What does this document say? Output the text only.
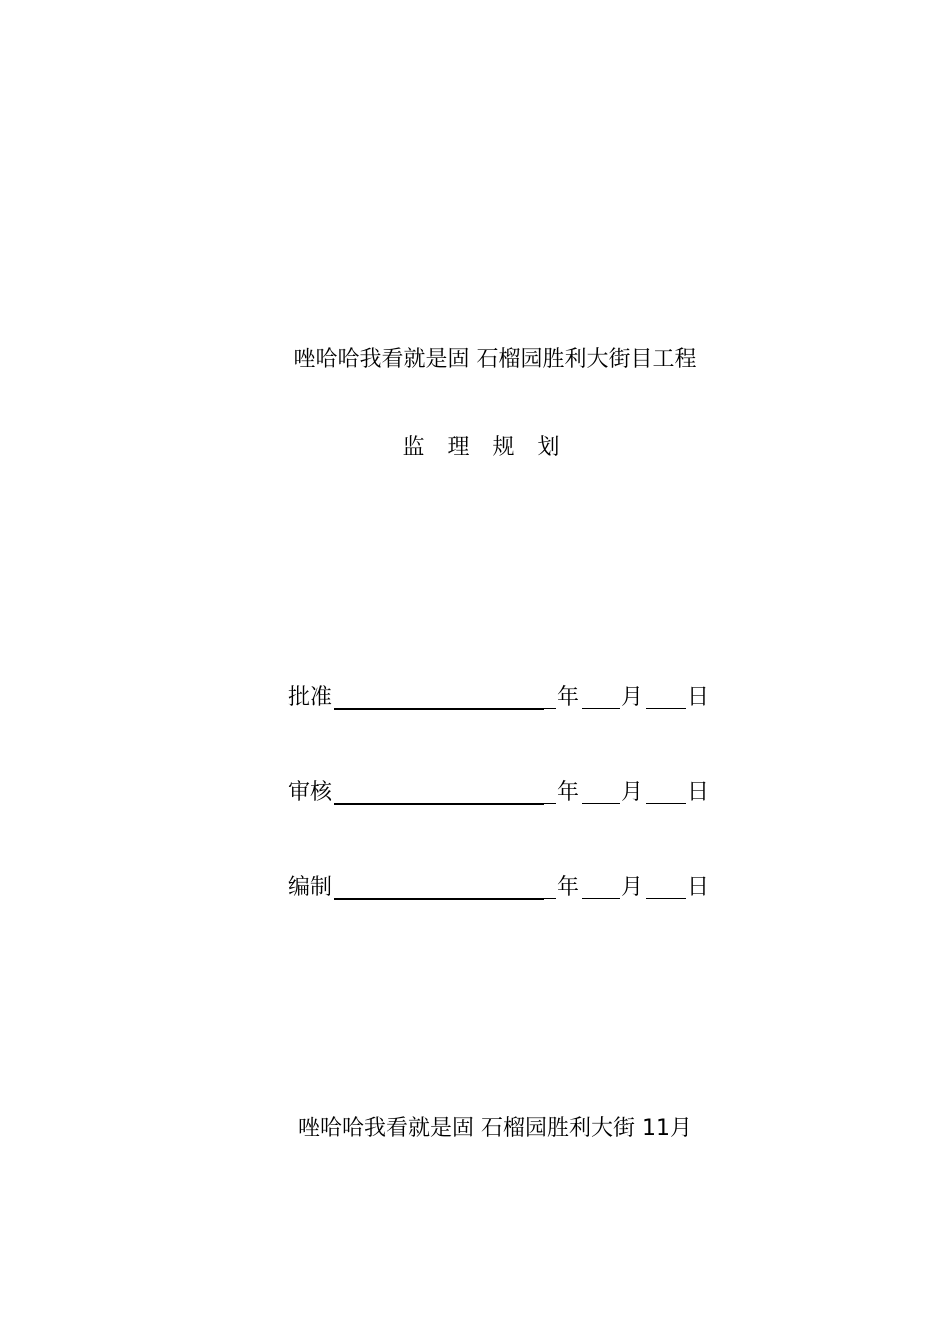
唑哈哈我看就是固 石榴园胜利大街目工程
监 理 规 划
批准	年 月 日
审核	年 月 日
编制	年 月 日
唑哈哈我看就是固 石榴园胜利大街 11月
